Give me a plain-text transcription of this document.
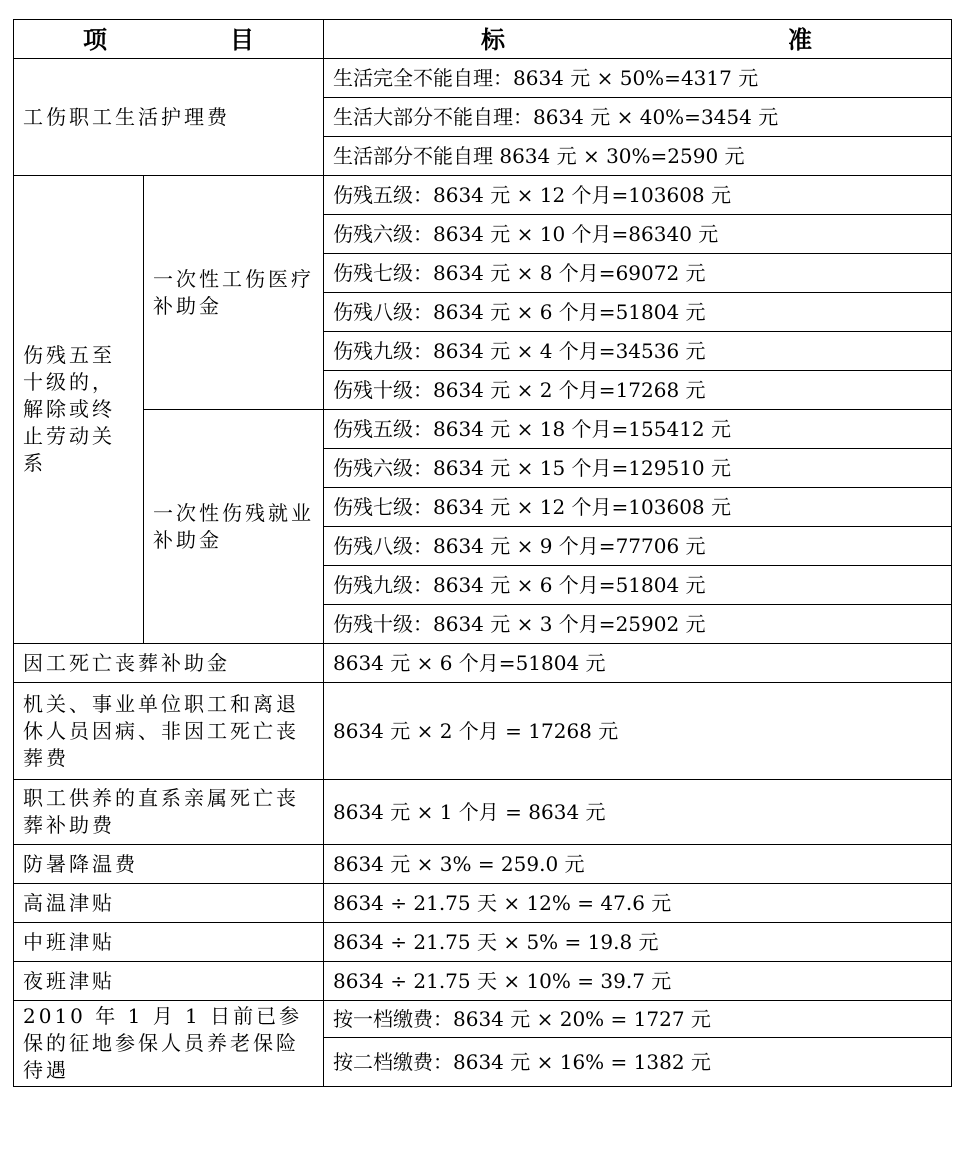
项 目		标 准

工伤职工生活护理费		生活完全不能自理：8634 元 × 50%=4317 元
		生活大部分不能自理：8634 元 × 40%=3454 元
		生活部分不能自理 8634 元 × 30%=2590 元
伤残五至十级的，解除或终止劳动关系	一次性工伤医疗补助金	伤残五级：8634 元 × 12 个月=103608 元
		伤残六级：8634 元 × 10 个月=86340 元
		伤残七级：8634 元 × 8 个月=69072 元
		伤残八级：8634 元 × 6 个月=51804 元
		伤残九级：8634 元 × 4 个月=34536 元
		伤残十级：8634 元 × 2 个月=17268 元
	一次性伤残就业补助金	伤残五级：8634 元 × 18 个月=155412 元
		伤残六级：8634 元 × 15 个月=129510 元
		伤残七级：8634 元 × 12 个月=103608 元
		伤残八级：8634 元 × 9 个月=77706 元
		伤残九级：8634 元 × 6 个月=51804 元
		伤残十级：8634 元 × 3 个月=25902 元
因工死亡丧葬补助金		8634 元 × 6 个月=51804 元
机关、事业单位职工和离退休人员因病、非因工死亡丧葬费		8634 元 × 2 个月 = 17268 元
职工供养的直系亲属死亡丧葬补助费		8634 元 × 1 个月 = 8634 元
防暑降温费		8634 元 × 3% = 259.0 元
高温津贴		8634 ÷ 21.75 天 × 12% = 47.6 元
中班津贴		8634 ÷ 21.75 天 × 5% = 19.8 元
夜班津贴		8634 ÷ 21.75 天 × 10% = 39.7 元
2010 年 1 月 1 日前已参保的征地参保人员养老保险待遇		按一档缴费：8634 元 × 20% = 1727 元
		按二档缴费：8634 元 × 16% = 1382 元
